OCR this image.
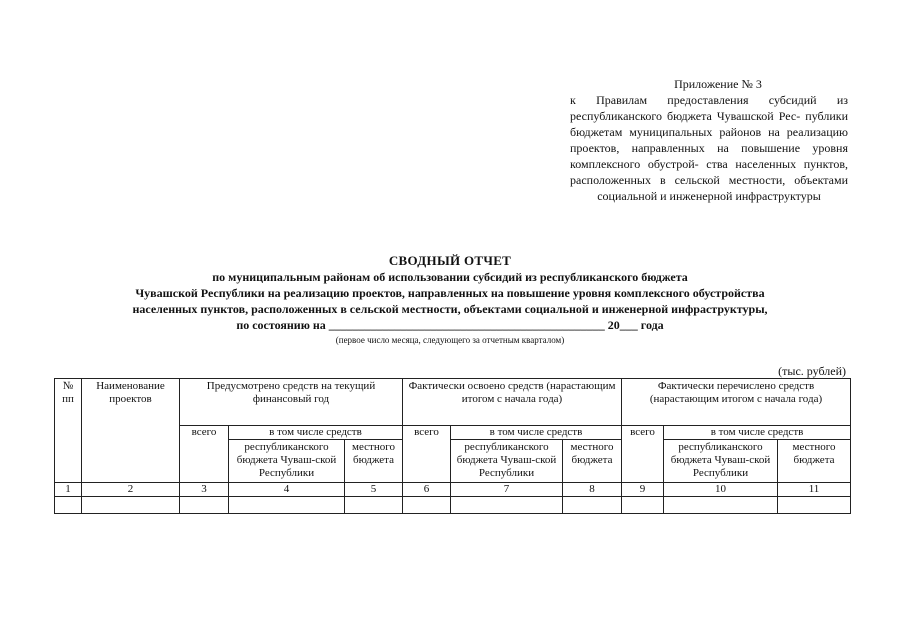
Приложение № 3
к Правилам предоставления субсидий из республиканского бюджета Чувашской Рес- публики бюджетам муниципальных районов на реализацию проектов, направленных на повышение уровня комплексного обустрой- ства населенных пунктов, расположенных в сельской местности, объектами социальной и инженерной инфраструктуры
СВОДНЫЙ ОТЧЕТ
по муниципальным районам об использовании субсидий из республиканского бюджета
Чувашской Республики на реализацию проектов, направленных на повышение уровня комплексного обустройства
населенных пунктов, расположенных в сельской местности, объектами социальной и инженерной инфраструктуры,
по состоянию на ______________________________________________ 20___ года
(первое число месяца, следующего за отчетным кварталом)
(тыс. рублей)
№ пп	Наименование проектов	Предусмотрено средств на текущий финансовый год			Фактически освоено средств (нарастающим итогом с начала года)			Фактически перечислено средств (нарастающим итогом с начала года)		
		всего	в том числе средств		всего	в том числе средств		всего	в том числе средств	
			республиканского бюджета Чуваш-ской Республики	местного бюджета		республиканского бюджета Чуваш-ской Республики	местного бюджета		республиканского бюджета Чуваш-ской Республики	местного бюджета
1	2	3	4	5	6	7	8	9	10	11
